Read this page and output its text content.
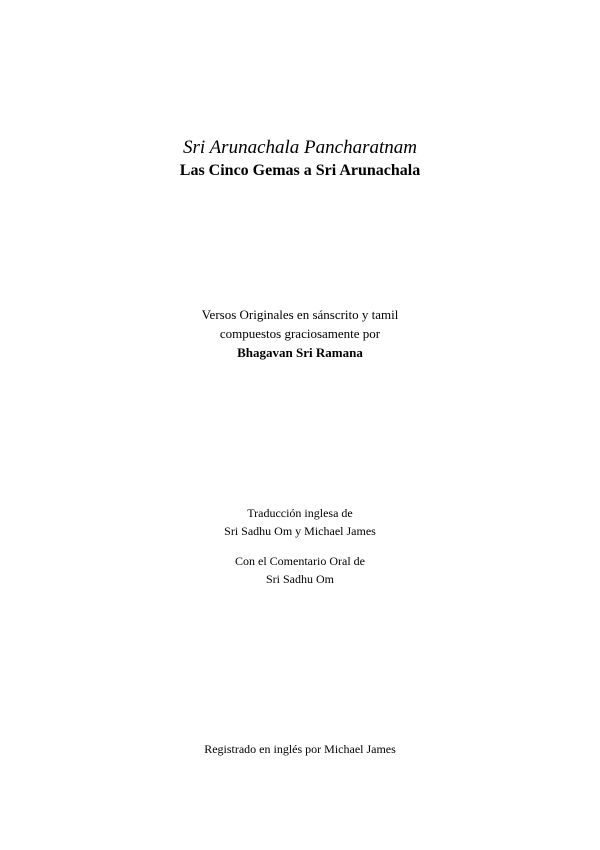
Sri Arunachala Pancharatnam
Las Cinco Gemas a Sri Arunachala
Versos Originales en sánscrito y tamil
compuestos graciosamente por
Bhagavan Sri Ramana
Traducción inglesa de
Sri Sadhu Om y Michael James
Con el Comentario Oral de
Sri Sadhu Om
Registrado en inglés por Michael James
